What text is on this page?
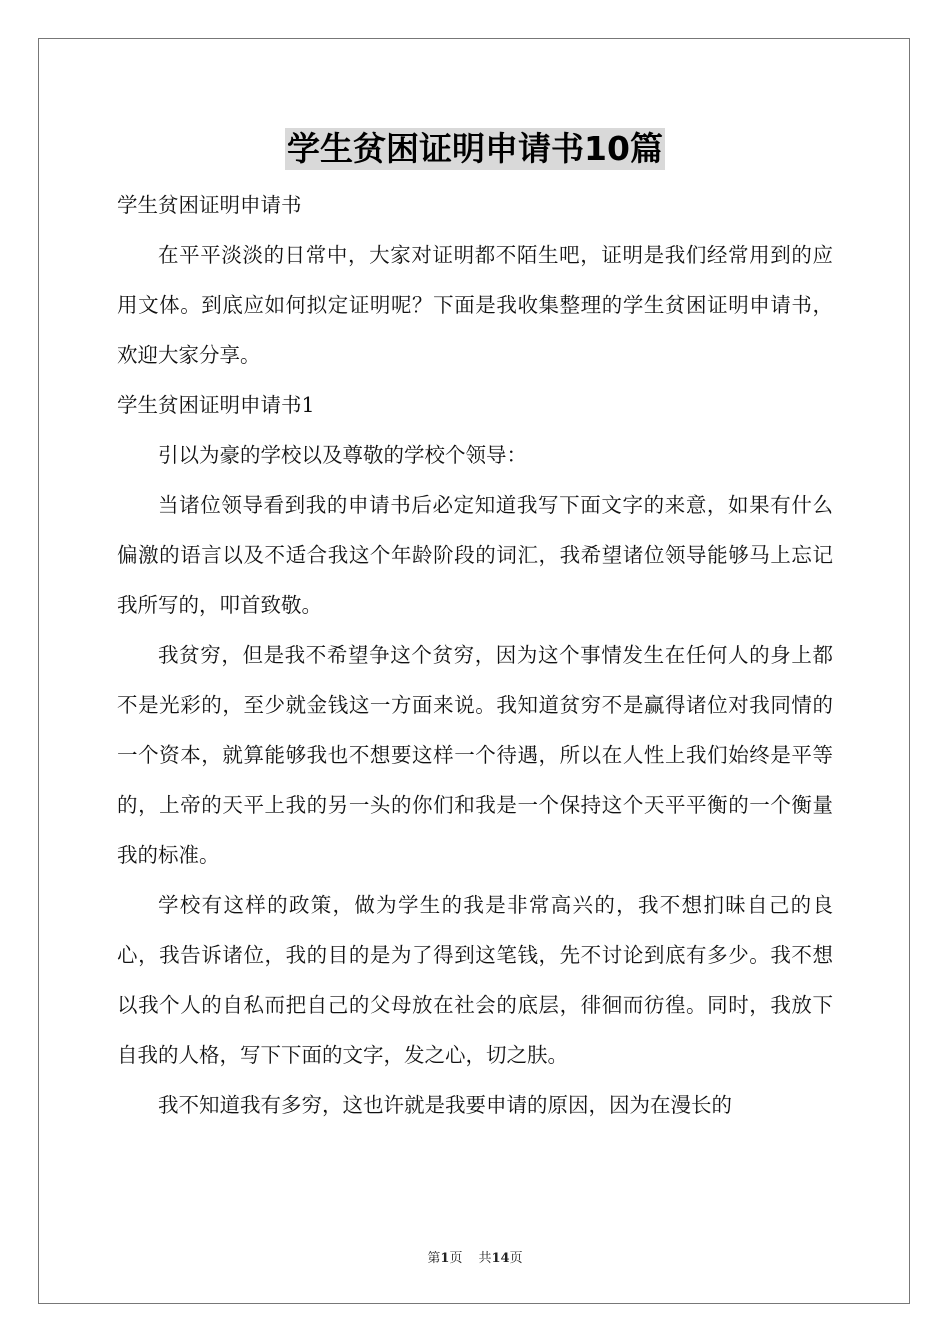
学生贫困证明申请书10篇

学生贫困证明申请书

在平平淡淡的日常中，大家对证明都不陌生吧，证明是我们经常用到的应用文体。到底应如何拟定证明呢？下面是我收集整理的学生贫困证明申请书，欢迎大家分享。

学生贫困证明申请书1

引以为豪的学校以及尊敬的学校个领导：

当诸位领导看到我的申请书后必定知道我写下面文字的来意，如果有什么偏激的语言以及不适合我这个年龄阶段的词汇，我希望诸位领导能够马上忘记我所写的，叩首致敬。

我贫穷，但是我不希望争这个贫穷，因为这个事情发生在任何人的身上都不是光彩的，至少就金钱这一方面来说。我知道贫穷不是赢得诸位对我同情的一个资本，就算能够我也不想要这样一个待遇，所以在人性上我们始终是平等的，上帝的天平上我的另一头的你们和我是一个保持这个天平平衡的一个衡量我的标准。

学校有这样的政策，做为学生的我是非常高兴的，我不想扪昧自己的良心，我告诉诸位，我的目的是为了得到这笔钱，先不讨论到底有多少。我不想以我个人的自私而把自己的父母放在社会的底层，徘徊而彷徨。同时，我放下自我的人格，写下下面的文字，发之心，切之肤。

我不知道我有多穷，这也许就是我要申请的原因，因为在漫长的

第1页 共14页
